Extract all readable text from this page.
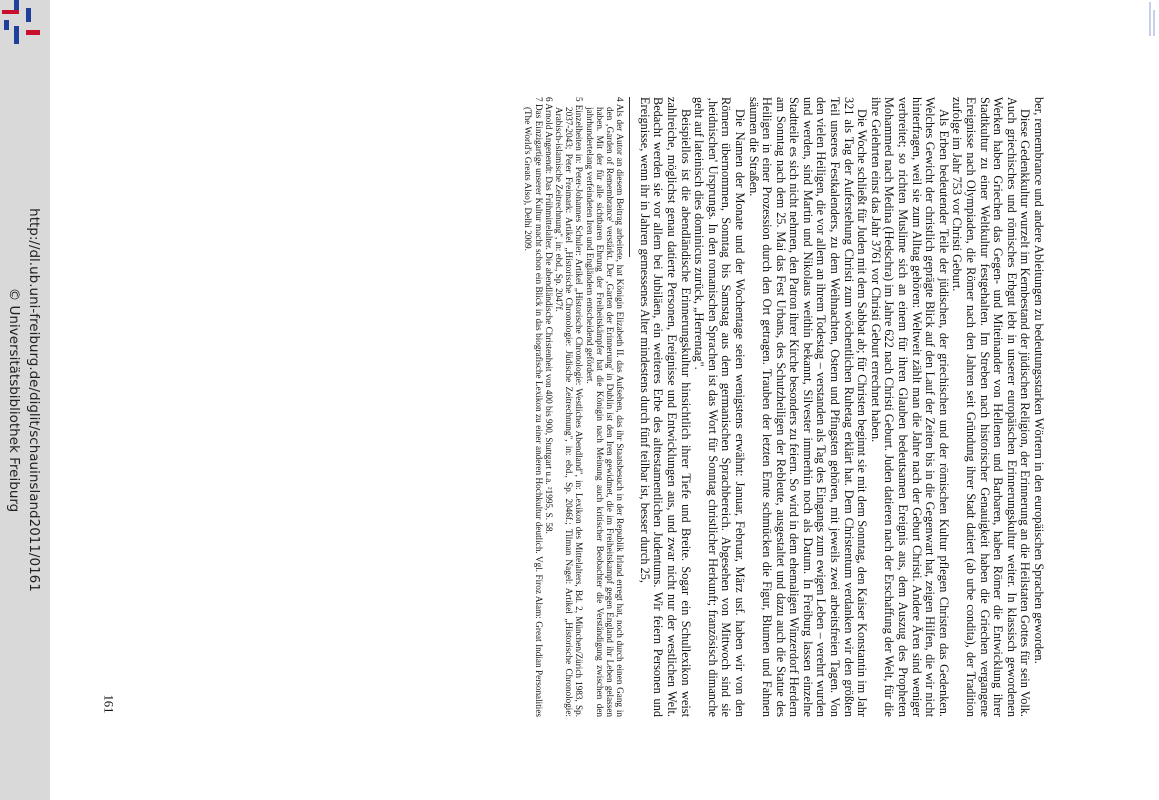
http://dl.ub.uni-freiburg.de/diglit/schauinsland2011/0161
© Universitätsbibliothek Freiburg	ber, remembrance und andere Ableitungen zu bedeutungsstarken Wörtern in den europäischen Sprachen geworden.

Diese Gedenkkultur wurzelt im Kernbestand der jüdischen Religion, der Erinnerung an die Heilstaten Gottes für sein Volk. Auch griechisches und römisches Erbgut lebt in unserer europäischen Erinnerungskultur weiter. In klassisch gewordenen Werken haben Griechen das Gegen- und Miteinander von Hellenen und Barbaren, haben Römer die Entwicklung ihrer Stadtkultur zu einer Weltkultur festgehalten. Im Streben nach historischer Genauigkeit haben die Griechen vergangene Ereignisse nach Olympiaden, die Römer nach den Jahren seit Gründung ihrer Stadt datiert (ab urbe condita), der Tradition zufolge im Jahr 753 vor Christi Geburt.

Als Erben bedeutender Teile der jüdischen, der griechischen und der römischen Kultur pflegen Christen das Gedenken. Welches Gewicht der christlich geprägte Blick auf den Lauf der Zeiten bis in die Gegenwart hat, zeigen Hilfen, die wir nicht hinterfragen, weil sie zum Alltag gehören: Weltweit zählt man die Jahre nach der Geburt Christi. Andere Ären sind weniger verbreitet; so richten Muslime sich an einem für ihren Glauben bedeutsamen Ereignis aus, dem Auszug des Propheten Mohammed nach Medina (Hedschra) im Jahre 622 nach Christi Geburt. Juden datieren nach der Erschaffung der Welt, für die ihre Gelehrten einst das Jahr 3761 vor Christi Geburt errechnet haben.

Die Woche schließt für Juden mit dem Sabbat ab; für Christen beginnt sie mit dem Sonntag, den Kaiser Konstantin im Jahr 321 als Tag der Auferstehung Christi zum wöchentlichen Ruhetag erklärt hat. Dem Christentum verdanken wir den größten Teil unseres Festkalenders, zu dem Weihnachten, Ostern und Pfingsten gehören, mit jeweils zwei arbeitsfreien Tagen. Von den vielen Heiligen, die vor allem an ihrem Todestag – verstanden als Tag des Eingangs zum ewigen Leben – verehrt wurden und werden, sind Martin und Nikolaus weithin bekannt, Silvester immerhin noch als Datum. In Freiburg lassen einzelne Stadtteile es sich nicht nehmen, den Patron ihrer Kirche besonders zu feiern. So wird in dem ehemaligen Winzerdorf Herdern am Sonntag nach dem 25. Mai das Fest Urbans, des Schutzheiligen der Rebleute, ausgestaltet und dazu auch die Statue des Heiligen in einer Prozession durch den Ort getragen. Trauben der letzten Ernte schmücken die Figur, Blumen und Fahnen säumen die Straßen.

Die Namen der Monate und der Wochentage seien wenigstens erwähnt: Januar, Februar, März usf. haben wir von den Römern übernommen, Sonntag bis Samstag aus dem germanischen Sprachbereich. Abgesehen von Mittwoch sind sie ‚heidnischen' Ursprungs. In den romanischen Sprachen ist das Wort für Sonntag christlicher Herkunft; französisch dimanche geht auf lateinisch dies dominicus zurück, „Herrentag".

Beispiellos ist die abendländische Erinnerungskultur hinsichtlich ihrer Tiefe und Breite. Sogar ein Schullexikon weist zahlreiche, möglichst genau datierte Personen, Ereignisse und Entwicklungen aus, und zwar nicht nur der westlichen Welt. Bedacht werden sie vor allem bei Jubiläen, ein weiteres Erbe des alttestamentlichen Judentums. Wir feiern Personen und Ereignisse, wenn ihr in Jahren gemessenes Alter mindestens durch fünf teilbar ist, besser durch 25,

4 Als der Autor an diesem Beitrag arbeitete, hat Königin Elizabeth II. das Aufsehen, das ihr Staatsbesuch in der Republik Irland erregt hat, noch durch einen Gang in den ‚Garden of Remembrance' verstärkt. Der ‚Garten der Erinnerung' in Dublin ist den Iren gewidmet, die im Freiheitskampf gegen England ihr Leben gelassen haben. Mit der für alle sichtbaren Ehrung der Freiheitskämpfer hat die Königin nach Meinung auch kritischer Beobachter die Verständigung zwischen den jahrhundertelang verfeindeten Iren und Engländern entscheidend gefördert.

5 Einzelheiten in: Peter-Johannes Schuler: Artikel „Historische Chronologie: Westliches Abendland", in: Lexikon des Mittelalters, Bd. 2, München/Zürich 1983, Sp. 2037-2043; Peter Freimark: Artikel „Historische Chronologie: Jüdische Zeitrechnung", in: ebd., Sp. 2046f.; Tilman Nagel: Artikel „Historische Chronologie: Arabisch-islamische Zeitrechnung", in: ebd., Sp. 2047f.

6 Arnold Angenendt: Das Frühmittelalter. Die abendländische Christenheit von 400 bis 900, Stuttgart u.a. ²1995, S. 58.

7 Das Einzigartige unserer Kultur macht schon ein Blick in das biografische Lexikon zu einer anderen Hochkultur deutlich. Vgl. Firoz Alam: Great Indian Personalities (The World's Greats Also), Delhi 2009.

161
